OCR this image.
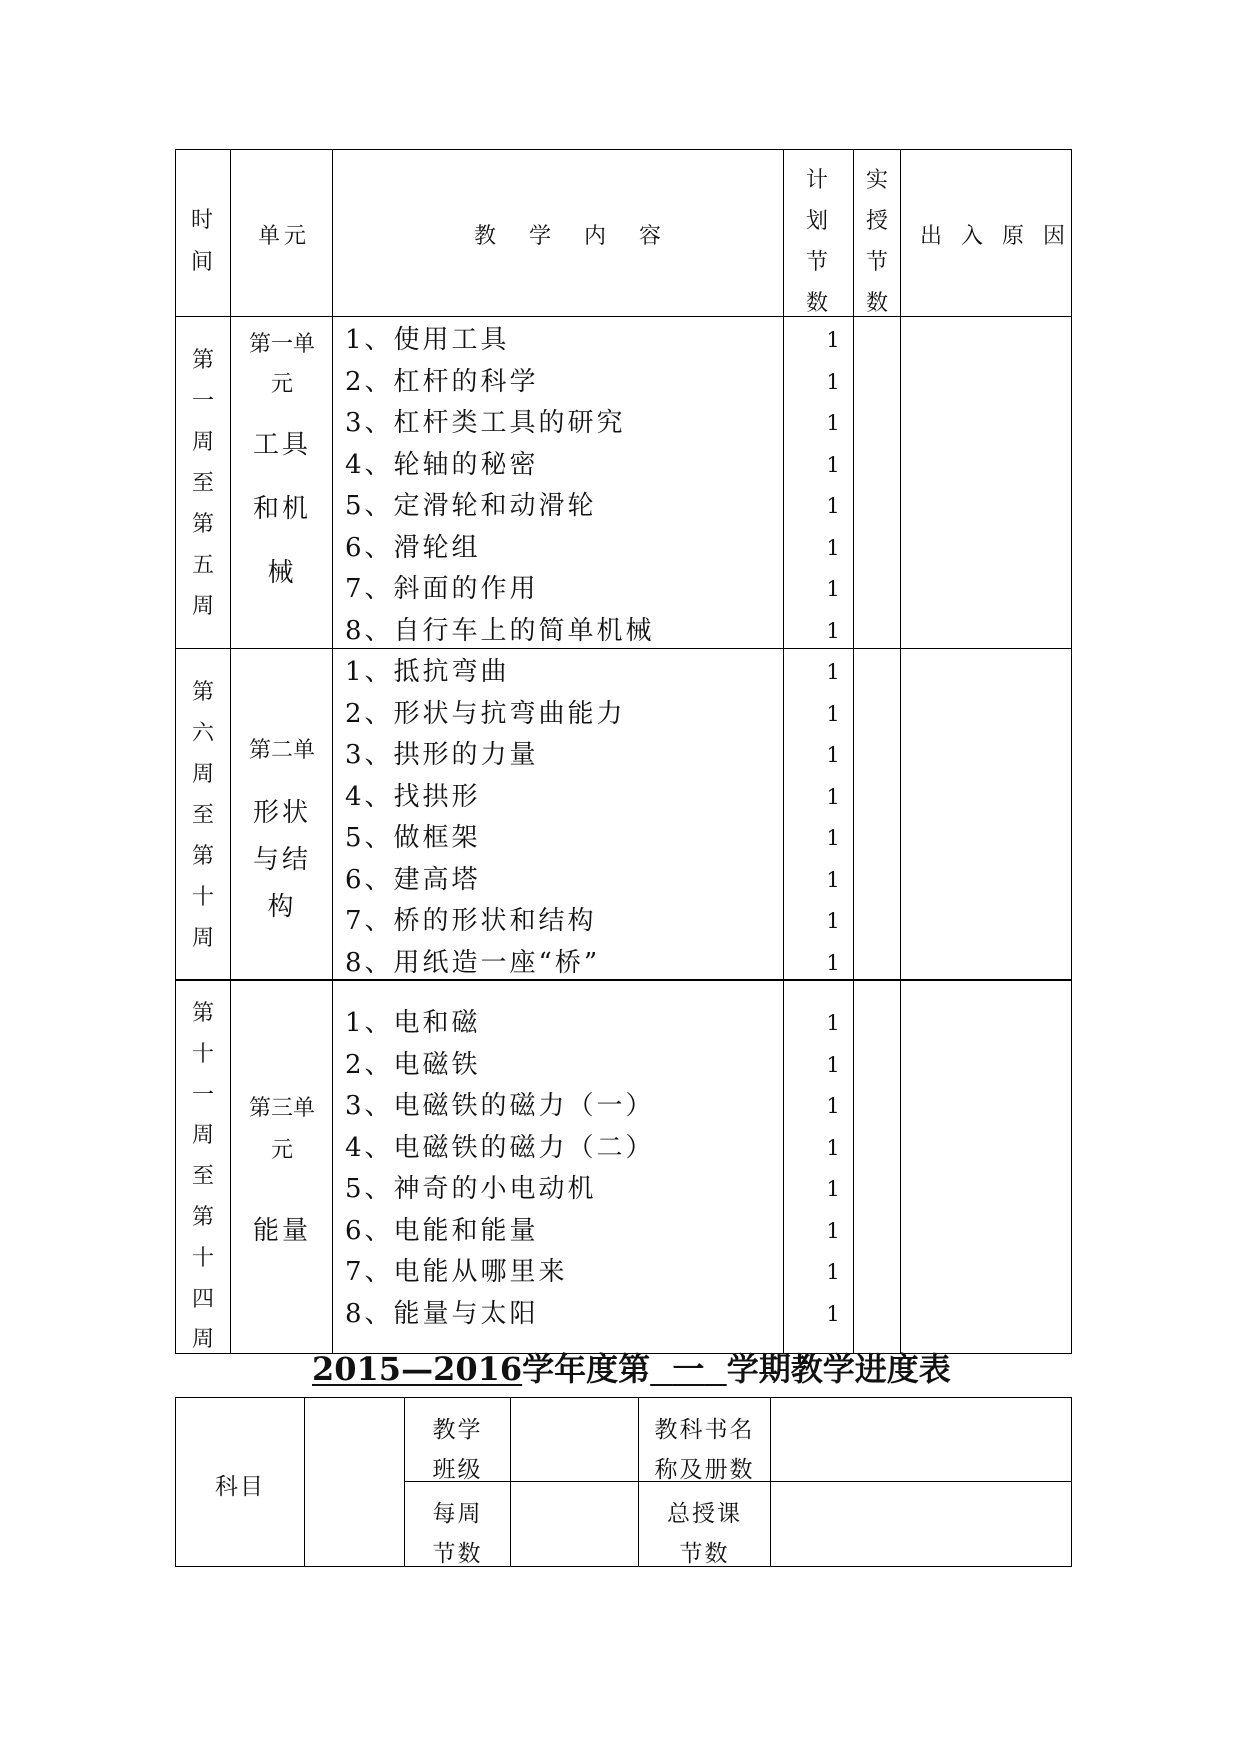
时
间
单元	教 学 内 容
计
划
节
数
实
授
节
数
出 入 原 因
第
一
周
至
第
五
周
第一单
元
工具
和机
械
1、使用工具
2、杠杆的科学
3、杠杆类工具的研究
4、轮轴的秘密
5、定滑轮和动滑轮
6、滑轮组
7、斜面的作用
8、自行车上的简单机械
1
1
1
1
1
1
1
1
第
六
周
至
第
十
周
第二单
形状
与结
构
1、抵抗弯曲
2、形状与抗弯曲能力
3、拱形的力量
4、找拱形
5、做框架
6、建高塔
7、桥的形状和结构
8、用纸造一座“桥”
1
1
1
1
1
1
1
1
第
十
一
周
至
第
十
四
周
第三单
元
能量
1、电和磁
2、电磁铁
3、电磁铁的磁力（一）
4、电磁铁的磁力（二）
5、神奇的小电动机
6、电能和能量
7、电能从哪里来
8、能量与太阳
1
1
1
1
1
1
1
1
2015—2016学年度第 一 学期教学进度表
科目
教学
班级
教科书名
称及册数
每周
节数
总授课
节数
